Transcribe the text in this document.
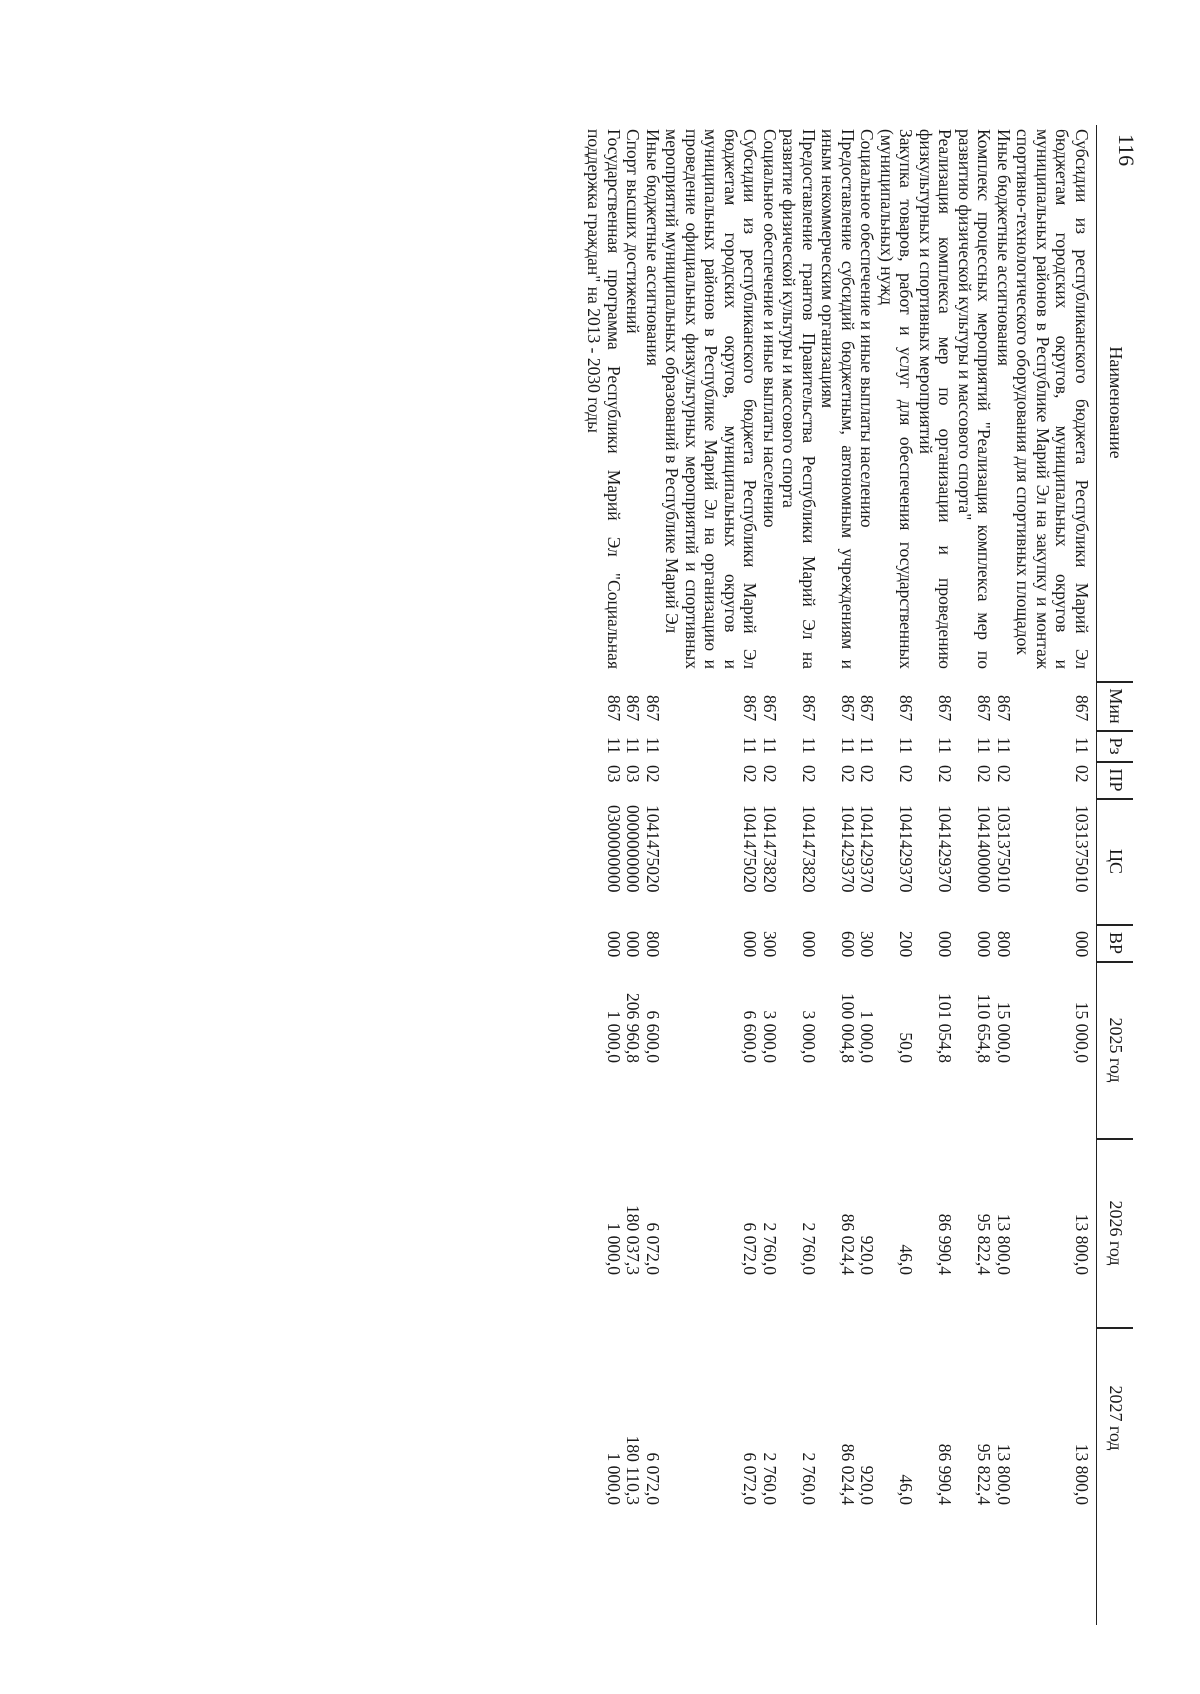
116
Наименование
Мин
Рз
ПР
ЦС
ВР
2025 год
2026 год
2027 год
Субсидии из республиканского бюджета Республики Марий Эл бюджетам городских округов, муниципальных округов и муниципальных районов в Республике Марий Эл на закупку и монтаж спортивно-технологического оборудования для спортивных площадок
867
11
02
1031375010
000
15 000,0
13 800,0
13 800,0
Иные бюджетные ассигнования
867
11
02
1031375010
800
15 000,0
13 800,0
13 800,0
Комплекс процессных мероприятий "Реализация комплекса мер по развитию физической культуры и массового спорта"
867
11
02
1041400000
000
110 654,8
95 822,4
95 822,4
Реализация комплекса мер по организации и проведению физкультурных и спортивных мероприятий
867
11
02
1041429370
000
101 054,8
86 990,4
86 990,4
Закупка товаров, работ и услуг для обеспечения государственных (муниципальных) нужд
867
11
02
1041429370
200
50,0
46,0
46,0
Социальное обеспечение и иные выплаты населению
867
11
02
1041429370
300
1 000,0
920,0
920,0
Предоставление субсидий бюджетным, автономным учреждениям и иным некоммерческим организациям
867
11
02
1041429370
600
100 004,8
86 024,4
86 024,4
Предоставление грантов Правительства Республики Марий Эл на развитие физической культуры и массового спорта
867
11
02
1041473820
000
3 000,0
2 760,0
2 760,0
Социальное обеспечение и иные выплаты населению
867
11
02
1041473820
300
3 000,0
2 760,0
2 760,0
Субсидии из республиканского бюджета Республики Марий Эл бюджетам городских округов, муниципальных округов и муниципальных районов в Республике Марий Эл на организацию и проведение официальных физкультурных мероприятий и спортивных мероприятий муниципальных образований в Республике Марий Эл
867
11
02
1041475020
000
6 600,0
6 072,0
6 072,0
Иные бюджетные ассигнования
867
11
02
1041475020
800
6 600,0
6 072,0
6 072,0
Спорт высших достижений
867
11
03
0000000000
000
206 960,8
180 037,3
180 110,3
Государственная программа Республики Марий Эл "Социальная поддержка граждан" на 2013 - 2030 годы
867
11
03
0300000000
000
1 000,0
1 000,0
1 000,0
